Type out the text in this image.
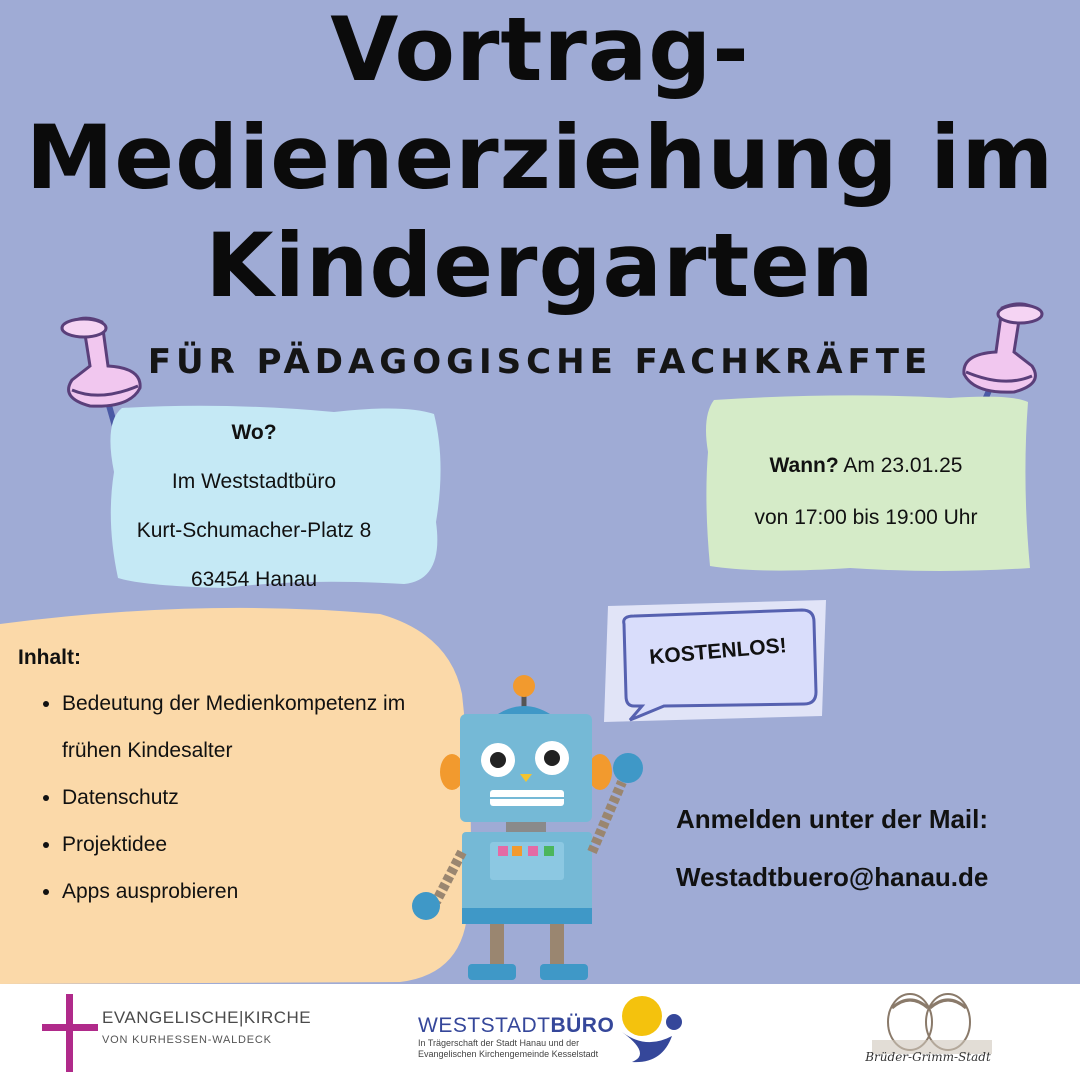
Vortrag-
Medienerziehung im
Kindergarten
FÜR PÄDAGOGISCHE FACHKRÄFTE
Wo?
Im Weststadtbüro
Kurt-Schumacher-Platz 8
63454 Hanau
Wann? Am 23.01.25
von 17:00 bis 19:00 Uhr
Inhalt:
• Bedeutung der Medienkompetenz im frühen Kindesalter
• Datenschutz
• Projektidee
• Apps ausprobieren
KOSTENLOS!
Anmelden unter der Mail:
Westadtbuero@hanau.de
EVANGELISCHE|KIRCHE
VON KURHESSEN-WALDECK
WESTSTADTBÜRO
In Trägerschaft der Stadt Hanau und der Evangelischen Kirchengemeinde Kesselstadt	Brüder-Grimm-Stadt
